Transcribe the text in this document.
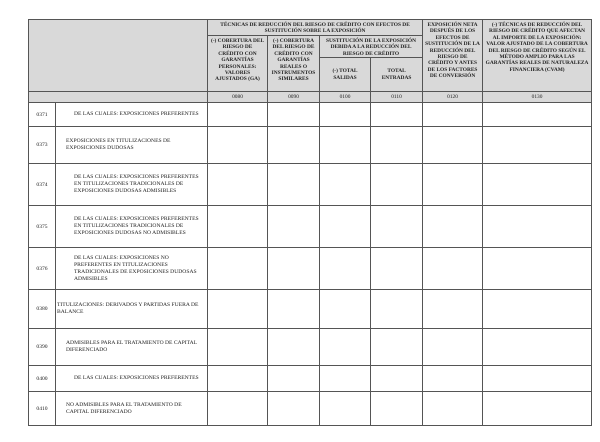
		TÉCNICAS DE REDUCCIÓN DEL RIESGO DE CRÉDITO CON EFECTOS DE SUSTITUCIÓN SOBRE LA EXPOSICIÓN				EXPOSICIÓN NETA DESPUÉS DE LOS EFECTOS DE SUSTITUCIÓN DE LA REDUCCIÓN DEL RIESGO DE CRÉDITO Y ANTES DE LOS FACTORES DE CONVERSIÓN	(-) TÉCNICAS DE REDUCCIÓN DEL RIESGO DE CRÉDITO QUE AFECTAN AL IMPORTE DE LA EXPOSICIÓN: VALOR AJUSTADO DE LA COBERTURA DEL RIESGO DE CRÉDITO SEGÚN EL MÉTODO AMPLIO PARA LAS GARANTÍAS REALES DE NATURALEZA FINANCIERA (CVAM)
		(-) COBERTURA DEL RIESGO DE CRÉDITO CON GARANTÍAS PERSONALES: VALORES AJUSTADOS (GA)	(-) COBERTURA DEL RIESGO DE CRÉDITO CON GARANTÍAS REALES O INSTRUMENTOS SIMILARES	SUSTITUCIÓN DE LA EXPOSICIÓN DEBIDA A LA REDUCCIÓN DEL RIESGO DE CRÉDITO			
				(-) TOTAL SALIDAS	TOTAL ENTRADAS		
		0080	0090	0100	0110	0120	0130
0371	DE LAS CUALES: EXPOSICIONES PREFERENTES						
0373	EXPOSICIONES EN TITULIZACIONES DE EXPOSICIONES DUDOSAS						
0374	DE LAS CUALES: EXPOSICIONES PREFERENTES EN TITULIZACIONES TRADICIONALES DE EXPOSICIONES DUDOSAS ADMISIBLES						
0375	DE LAS CUALES: EXPOSICIONES PREFERENTES EN TITULIZACIONES TRADICIONALES DE EXPOSICIONES DUDOSAS NO ADMISIBLES						
0376	DE LAS CUALES: EXPOSICIONES NO PREFERENTES EN TITULIZACIONES TRADICIONALES DE EXPOSICIONES DUDOSAS ADMISIBLES						
0380	TITULIZACIONES: DERIVADOS Y PARTIDAS FUERA DE BALANCE						
0390	ADMISIBLES PARA EL TRATAMIENTO DE CAPITAL DIFERENCIADO						
0400	DE LAS CUALES: EXPOSICIONES PREFERENTES						
0410	NO ADMISIBLES PARA EL TRATAMIENTO DE CAPITAL DIFERENCIADO						
